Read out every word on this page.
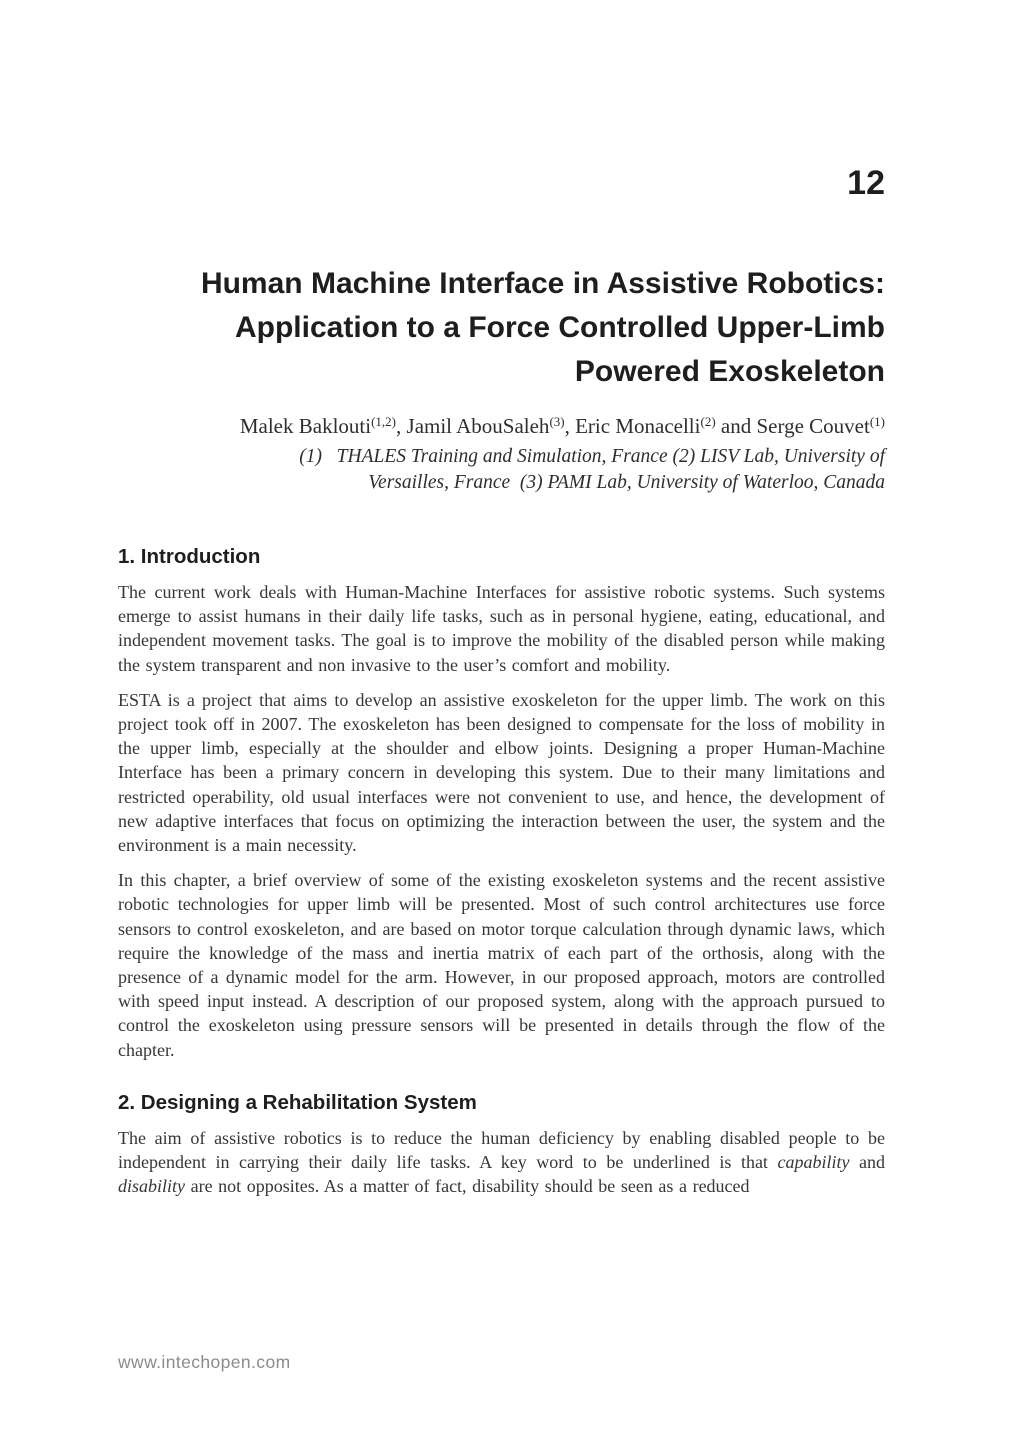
12
Human Machine Interface in Assistive Robotics:
Application to a Force Controlled Upper-Limb
Powered Exoskeleton
Malek Baklouti$^{(1,2)}$, Jamil AbouSaleh$^{(3)}$, Eric Monacelli$^{(2)}$ and Serge Couvet$^{(1)}$
(1)   THALES Training and Simulation, France (2) LISV Lab, University of
Versailles, France  (3) PAMI Lab, University of Waterloo, Canada
1. Introduction

The current work deals with Human-Machine Interfaces for assistive robotic systems. Such systems emerge to assist humans in their daily life tasks, such as in personal hygiene, eating, educational, and independent movement tasks. The goal is to improve the mobility of the disabled person while making the system transparent and non invasive to the user’s comfort and mobility.

ESTA is a project that aims to develop an assistive exoskeleton for the upper limb. The work on this project took off in 2007. The exoskeleton has been designed to compensate for the loss of mobility in the upper limb, especially at the shoulder and elbow joints. Designing a proper Human-Machine Interface has been a primary concern in developing this system. Due to their many limitations and restricted operability, old usual interfaces were not convenient to use, and hence, the development of new adaptive interfaces that focus on optimizing the interaction between the user, the system and the environment is a main necessity.

In this chapter, a brief overview of some of the existing exoskeleton systems and the recent assistive robotic technologies for upper limb will be presented. Most of such control architectures use force sensors to control exoskeleton, and are based on motor torque calculation through dynamic laws, which require the knowledge of the mass and inertia matrix of each part of the orthosis, along with the presence of a dynamic model for the arm. However, in our proposed approach, motors are controlled with speed input instead. A description of our proposed system, along with the approach pursued to control the exoskeleton using pressure sensors will be presented in details through the flow of the chapter.

2. Designing a Rehabilitation System

The aim of assistive robotics is to reduce the human deficiency by enabling disabled people to be independent in carrying their daily life tasks. A key word to be underlined is that capability and disability are not opposites. As a matter of fact, disability should be seen as a reduced

www.intechopen.com
